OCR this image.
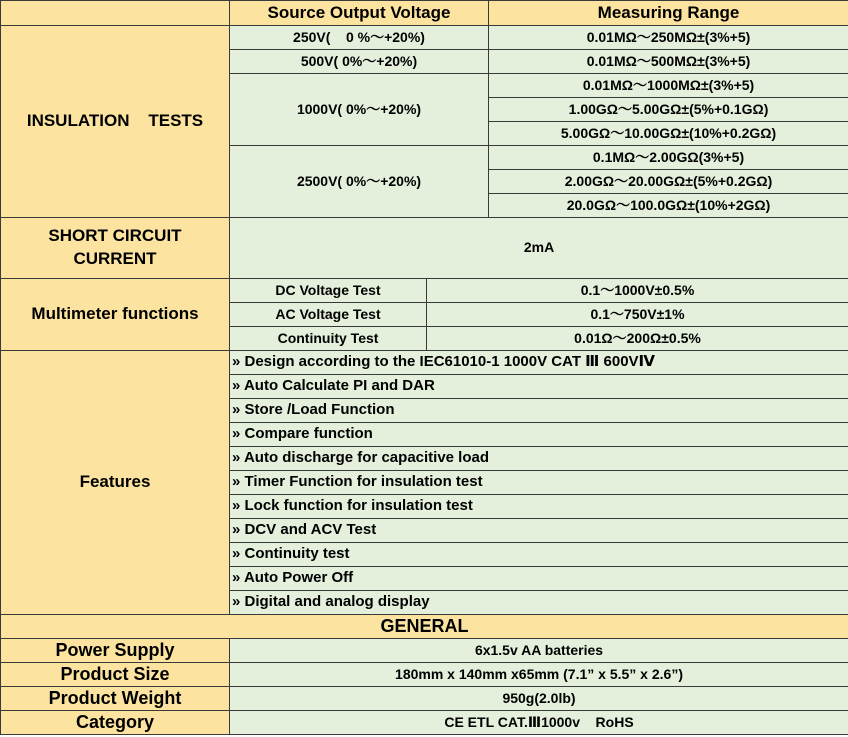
	Source Output Voltage		Measuring Range
INSULATION    TESTS	250V(    0 %～+20%)		0.01MΩ～250MΩ±(3%+5)
	500V( 0%～+20%)		0.01MΩ～500MΩ±(3%+5)
	1000V( 0%～+20%)		0.01MΩ～1000MΩ±(3%+5)
			1.00GΩ～5.00GΩ±(5%+0.1GΩ)
			5.00GΩ～10.00GΩ±(10%+0.2GΩ)
	2500V( 0%～+20%)		0.1MΩ～2.00GΩ(3%+5)
			2.00GΩ～20.00GΩ±(5%+0.2GΩ)
			20.0GΩ～100.0GΩ±(10%+2GΩ)
SHORT CIRCUIT CURRENT	2mA		
Multimeter functions	DC Voltage Test	0.1～1000V±0.5%	
	AC Voltage Test	0.1～750V±1%	
	Continuity Test	0.01Ω～200Ω±0.5%	
Features	» Design according to the IEC61010-1 1000V CAT Ⅲ 600VⅣ		
	» Auto Calculate PI and DAR		
	» Store /Load Function		
	» Compare function		
	» Auto discharge for capacitive load		
	» Timer Function for insulation test		
	» Lock function for insulation test		
	» DCV and ACV Test		
	» Continuity test		
	» Auto Power Off		
	» Digital and analog display		
GENERAL			
Power Supply	6x1.5v AA batteries		
Product Size	180mm x 140mm x65mm (7.1” x 5.5” x 2.6”)		
Product Weight	950g(2.0lb)		
Category	CE ETL CAT.Ⅲ1000v    RoHS		
